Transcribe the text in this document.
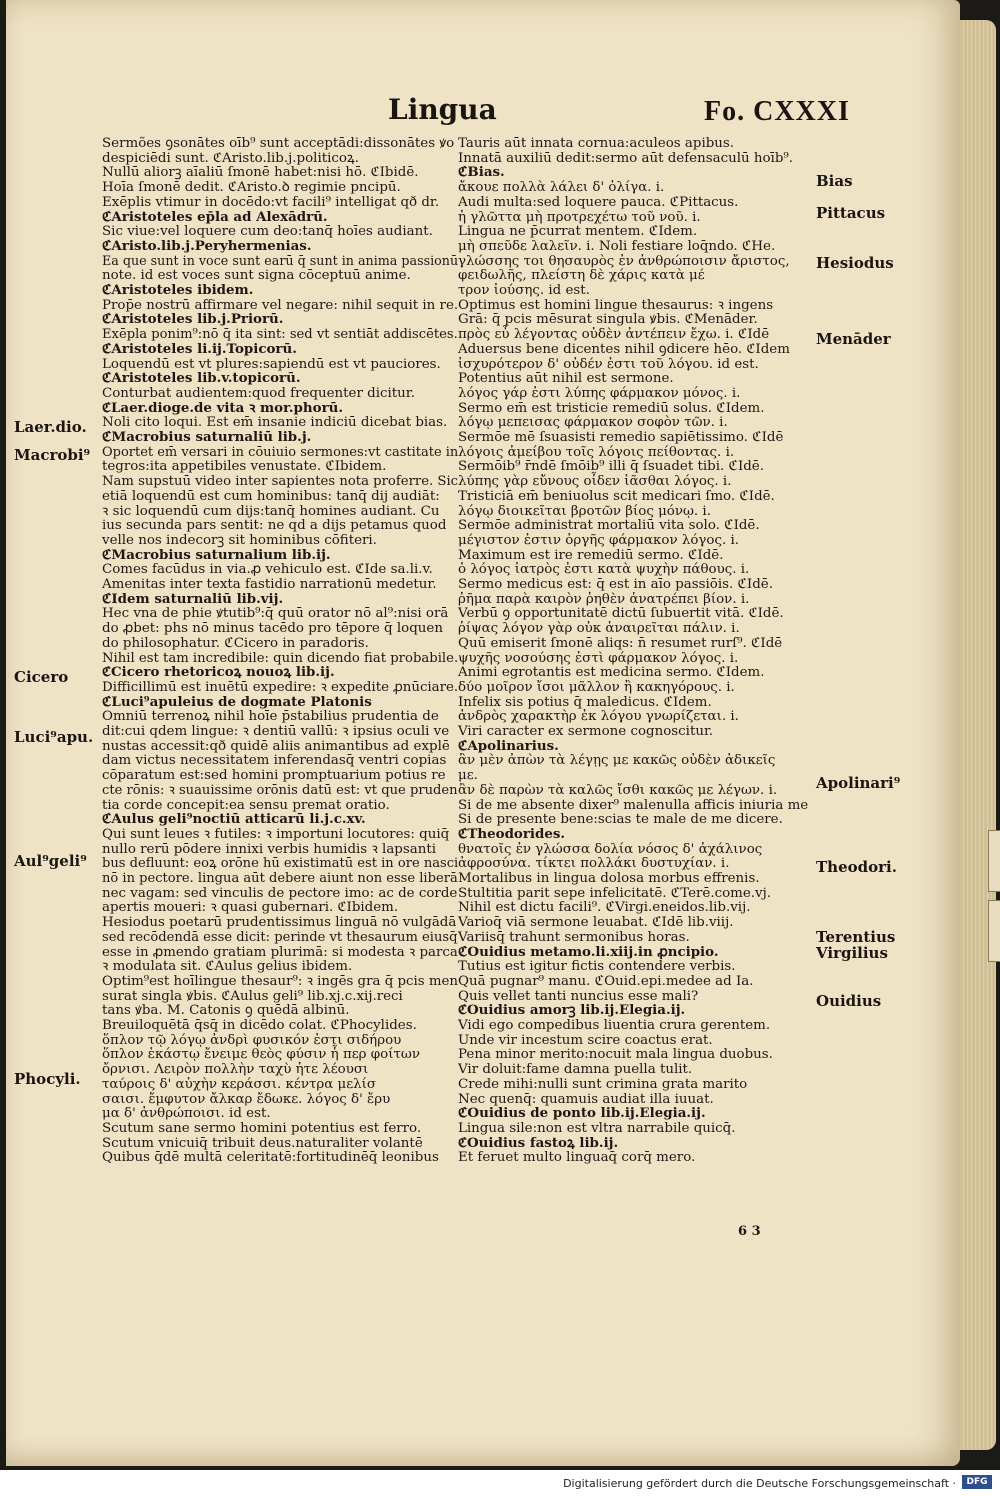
Lingua	Fo. CXXXI
Sermões ꝯsonātes oīb⁹ sunt acceptādi:dissonātes ꝟo
despiciēdi sunt. ℭAristo.lib.j.politicoꝝ.
Nullū aliorꝫ aīaliū ſmonē habet:nisi hō. ℭIbidē.
Hoīa ſmonē dedit. ℭAristo.ꝺ regimie pncipū.
Exēplis vtimur in docēdo:vt facili⁹ intelligat qð dr.
ℭAristoteles ep̄la ad Alexādrū.
Sic viue:vel loquere cum deo:tanq̄ hoīes audiant.
ℭAristo.lib.j.Peryhermenias.
Ea que sunt in voce sunt earū q̄ sunt in anima passionū
note. id est voces sunt signa cōceptuū anime.
ℭAristoteles ibidem.
Prop̄e nostrū affirmare vel negare: nihil sequit in re.
ℭAristoteles lib.j.Priorū.
Exēpla ponim⁹:nō q̄ ita sint: sed vt sentiāt addiscētes.
ℭAristoteles li.ij.Topicorū.
Loquendū est vt plures:sapiendū est vt pauciores.
ℭAristoteles lib.v.topicorū.
Conturbat audientem:quod frequenter dicitur.
ℭLaer.dioge.de vita ꝛ mor.phorū.
Noli cito loqui. Est em̄ insanie indiciū dicebat bias.
ℭMacrobius saturnaliū lib.j.
Oportet em̄ versari in cōuiuio sermones:vt castitate in
tegros:ita appetibiles venustate. ℭIbidem.
Nam supstuū video inter sapientes nota proferre. Sic
etiā loquendū est cum hominibus: tanq̄ dij audiāt:
ꝛ sic loquendū cum dijs:tanq̄ homines audiant. Cu
ius secunda pars sentit: ne qd a dijs petamus quod
velle nos indecorꝫ sit hominibus cōfiteri.
ℭMacrobius saturnalium lib.ij.
Comes facūdus in via.ꝓ vehiculo est. ℭIde sa.li.v.
Amenitas inter texta fastidio narrationū medetur.
ℭIdem saturnaliū lib.vij.
Hec vna de phie ꝟtutib⁹:q̄ quū orator nō al⁹:nisi orā
do ꝓbet: phs nō minus tacēdo pro tēpore q̄ loquen
do philosophatur. ℭCicero in paradoris.
Nihil est tam incredibile: quin dicendo fiat probabile.
ℭCicero rhetoricoꝝ nouoꝝ lib.ij.
Difficillimū est inuētū expedire: ꝛ expedite ꝓnūciare.
ℭLuci⁹apuleius de dogmate Platonis
Omniū terrenoꝝ nihil hoīe p̄stabilius prudentia de
dit:cui qdem lingue: ꝛ dentiū vallū: ꝛ ipsius oculi ve
nustas accessit:qð quidē aliis animantibus ad explē
dam victus necessitatem inferendasq̄ ventri copias
cōparatum est:sed homini promptuarium potius re
cte rōnis: ꝛ suauissime orōnis datū est: vt que pruden
tia corde concepit:ea sensu premat oratio.
ℭAulus geli⁹noctiū atticarū li.j.c.xv.
Qui sunt leues ꝛ futiles: ꝛ importuni locutores: quiq̄
nullo rerū pōdere innixi verbis humidis ꝛ lapsanti
bus defluunt: eoꝝ orōne hū existimatū est in ore nasci
nō in pectore. lingua aūt debere aiunt non esse liberā
nec vagam: sed vinculis de pectore imo: ac de corde
apertis moueri: ꝛ quasi gubernari. ℭIbidem.
Hesiodus poetarū prudentissimus linguā nō vulgādā
sed recōdendā esse dicit: perinde vt thesaurum eiusq̄
esse in ꝓmendo gratiam plurimā: si modesta ꝛ parca
ꝛ modulata sit. ℭAulus gelius ibidem.
Optim⁹est hoīlingue thesaur⁹: ꝛ ingēs gra q̄ pcis men
surat singla ꝟbis. ℭAulus geli⁹ lib.xj.c.xij.reci
tans ꝟba. M. Catonis ꝯ quēdā albinū.
Breuiloquētā q̄sq̄ in dicēdo colat. ℭPhocylides.
ὅπλον τῷ λόγῳ ἀνδρὶ φυσικόν ἐστι σιδήρου
ὅπλον ἑκάστῳ ἔνειμε θεὸς φύσιν ἧ περ φοίτων
ὄρνισι. Λειρὸν πολλὴν ταχὺ ἠτε λέουσι
ταύροις δ' αὐχὴν κεράσσι. κέντρα μελίσ
σαισι. ἔμφυτον ἄλκαρ ἔδωκε. λόγος δ' ἔρυ
μα δ' ἀνθρώποισι. id est.
Scutum sane sermo homini potentius est ferro.
Scutum vnicuiq̄ tribuit deus.naturaliter volantē
Quibus q̄dē multā celeritatē:fortitudinēq̄ leonibus
Tauris aūt innata cornua:aculeos apibus.
Innatā auxiliū dedit:sermo aūt defensaculū hoīb⁹.
ℭBias.
ἄκουε πολλὰ λάλει δ' ὀλίγα. i.
Audi multa:sed loquere pauca. ℭPittacus.
ἡ γλῶττα μὴ προτρεχέτω τοῦ νοῦ. i.
Lingua ne p̄currat mentem. ℭIdem.
μὴ σπεῦδε λαλεῖν. i. Noli festiare loq̄ndo. ℭHe.
γλώσσης τοι θησαυρὸς ἐν ἀνθρώποισιν ἄριστος,
φειδωλῆς, πλείστη δὲ χάρις κατὰ μέ
τρον ἰούσης. id est.
Optimus est homini lingue thesaurus: ꝛ ingens
Grā: q̄ pcis mēsurat singula ꝟbis. ℭMenāder.
πρὸς εὖ λέγοντας οὐδὲν ἀντέπειν ἔχω. i. ℭIdē
Aduersus bene dicentes nihil ꝯdicere hēo. ℭIdem
ἰσχυρότερον δ' οὐδέν ἐστι τοῦ λόγου. id est.
Potentius aūt nihil est sermone.
λόγος γάρ ἐστι λύπης φάρμακον μόνος. i.
Sermo em̄ est tristicie remediū solus. ℭIdem.
λόγῳ μεπεισας φάρμακον σοφὸν τῶν. i.
Sermōe mē ſsuasisti remedio sapiētissimo. ℭIdē
λόγοις ἀμείβου τοῖς λόγοις πείθοντας. i.
Sermōib⁹ r̄ndē ſmōib⁹ illi q̄ ſsuadet tibi. ℭIdē.
λύπης γὰρ εὔνους οἶδεν ἰᾶσθαι λόγος. i.
Tristiciā em̄ beniuolus scit medicari ſmo. ℭIdē.
λόγῳ διοικεῖται βροτῶν βίος μόνῳ. i.
Sermōe administrat mortaliū vita solo. ℭIdē.
μέγιστον ἐστιν ὀργῆς φάρμακον λόγος. i.
Maximum est ire remediū sermo. ℭIdē.
ὁ λόγος ἰατρὸς ἐστι κατὰ ψυχὴν πάθους. i.
Sermo medicus est: q̄ est in aīo passiōis. ℭIdē.
ῥῆμα παρὰ καιρὸν ῥηθὲν ἀνατρέπει βίον. i.
Verbū ꝯ opportunitatē dictū ſubuertit vitā. ℭIdē.
ῥίψας λόγον γὰρ οὐκ ἀναιρεῖται πάλιν. i.
Quū emiserit ſmonē aliqs: n̄ resumet rurſ⁹. ℭIdē
ψυχῆς νοσούσης ἐστὶ φάρμακον λόγος. i.
Animi egrotantis est medicina sermo. ℭIdem.
δύο μοῖρον ἴσοι μᾶλλον ἢ κακηγόρους. i.
Infelix sis potius q̄ maledicus. ℭIdem.
ἀνδρὸς χαρακτὴρ ἐκ λόγου γνωρίζεται. i.
Viri caracter ex sermone cognoscitur.
ℭApolinarius.
ἂν μὲν ἀπὼν τὰ λέγῃς με κακῶς οὐδὲν ἀδικεῖς
με.
ἂν δὲ παρὼν τὰ καλῶς ἴσθι κακῶς με λέγων. i.
Si de me absente dixer⁹ malenulla afficis iniuria me
Si de presente bene:scias te male de me dicere.
ℭTheodorides.
θνατοῖς ἐν γλώσσα δολία νόσος δ' ἀχάλινος
ἀφροσύνα. τίκτει πολλάκι δυστυχίαν. i.
Mortalibus in lingua dolosa morbus effrenis.
Stultitia parit sepe infelicitatē. ℭTerē.come.vj.
Nihil est dictu facili⁹. ℭVirgi.eneidos.lib.vij.
Varioq̄ viā sermone leuabat. ℭIdē lib.viij.
Variisq̄ trahunt sermonibus horas.
ℭOuidius metamo.li.xiij.in ꝓncipio.
Tutius est igitur fictis contendere verbis.
Quā pugnar⁹ manu. ℭOuid.epi.medee ad Ia.
Quis vellet tanti nuncius esse mali?
ℭOuidius amorꝫ lib.ij.Elegia.ij.
Vidi ego compedibus liuentia crura gerentem.
Unde vir incestum scire coactus erat.
Pena minor merito:nocuit mala lingua duobus.
Vir doluit:fame damna puella tulit.
Crede mihi:nulli sunt crimina grata marito
Nec quenq̄: quamuis audiat illa iuuat.
ℭOuidius de ponto lib.ij.Elegia.ij.
Lingua sile:non est vltra narrabile quicq̄.
ℭOuidius fastoꝝ lib.ij.
Et feruet multo linguaq̄ corq̄ mero.
Laer.dio.
Macrobi⁹
Cicero
Luci⁹apu.
Aul⁹geli⁹
Phocyli.
Bias
Pittacus
Hesiodus
Menāder
Apolinari⁹
Theodori.
Terentius
Virgilius
Ouidius
6 3
Digitalisierung gefördert durch die Deutsche Forschungsgemeinschaft ·	DFG
